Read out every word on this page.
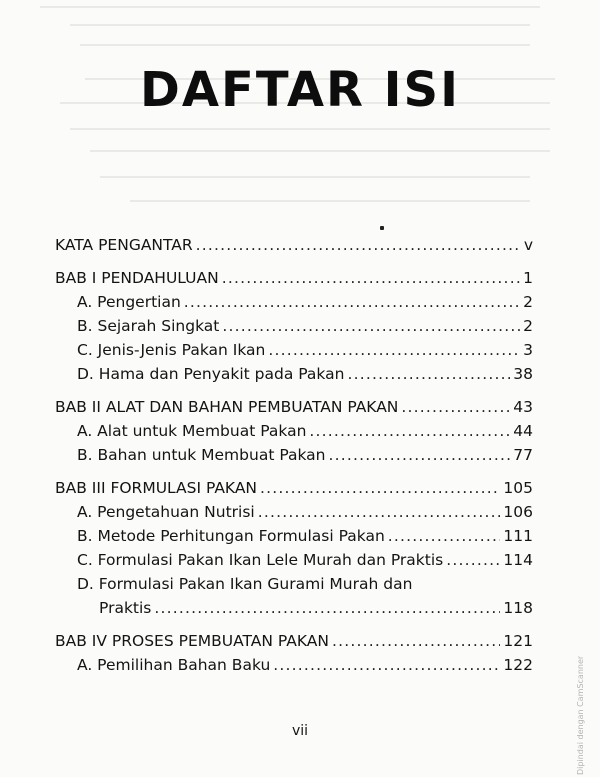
DAFTAR ISI
KATA PENGANTAR .....	v
BAB I PENDAHULUAN .....	1
A. Pengertian .....	2
B. Sejarah Singkat .....	2
C. Jenis-Jenis Pakan Ikan .....	3
D. Hama dan Penyakit pada Pakan .....	38
BAB II ALAT DAN BAHAN PEMBUATAN PAKAN .....	43
A. Alat untuk Membuat Pakan .....	44
B. Bahan untuk Membuat Pakan .....	77
BAB III FORMULASI PAKAN .....	105
A. Pengetahuan Nutrisi .....	106
B. Metode Perhitungan Formulasi Pakan .....	111
C. Formulasi Pakan Ikan Lele Murah dan Praktis .....	114
D. Formulasi Pakan Ikan Gurami Murah dan
Praktis .....	118
BAB IV PROSES PEMBUATAN PAKAN .....	121
A. Pemilihan Bahan Baku .....	122
vii	Dipindai dengan CamScanner
